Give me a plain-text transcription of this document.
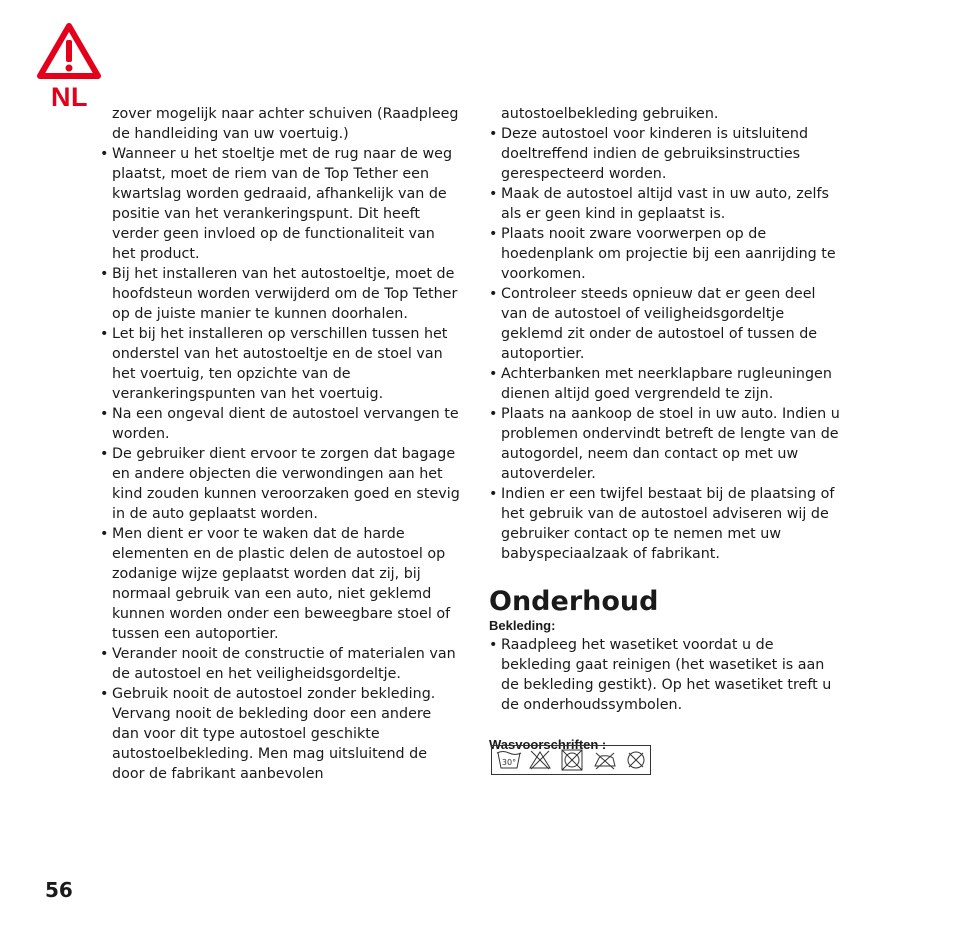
NL

zover mogelijk naar achter schuiven (Raadpleeg de handleiding van uw voertuig.)

• Wanneer u het stoeltje met de rug naar de weg plaatst, moet de riem van de Top Tether een kwartslag worden gedraaid, afhankelijk van de positie van het verankeringspunt. Dit heeft verder geen invloed op de functionaliteit van het product.
• Bij het installeren van het autostoeltje, moet de hoofdsteun worden verwijderd om de Top Tether op de juiste manier te kunnen doorhalen.
• Let bij het installeren op verschillen tussen het onderstel van het autostoeltje en de stoel van het voertuig, ten opzichte van de verankeringspunten van het voertuig.
• Na een ongeval dient de autostoel vervangen te worden.
• De gebruiker dient ervoor te zorgen dat bagage en andere objecten die verwondingen aan het kind zouden kunnen veroorzaken goed en stevig in de auto geplaatst worden.
• Men dient er voor te waken dat de harde elementen en de plastic delen de autostoel op zodanige wijze geplaatst worden dat zij, bij normaal gebruik van een auto, niet geklemd kunnen worden onder een beweegbare stoel of tussen een autoportier.
• Verander nooit de constructie of materialen van de autostoel en het veiligheidsgordeltje.
• Gebruik nooit de autostoel zonder bekleding. Vervang nooit de bekleding door een andere dan voor dit type autostoel geschikte autostoelbekleding. Men mag uitsluitend de door de fabrikant aanbevolen

autostoelbekleding gebruiken.

• Deze autostoel voor kinderen is uitsluitend doeltreffend indien de gebruiksinstructies gerespecteerd worden.
• Maak de autostoel altijd vast in uw auto, zelfs als er geen kind in geplaatst is.
• Plaats nooit zware voorwerpen op de hoedenplank om projectie bij een aanrijding te voorkomen.
• Controleer steeds opnieuw dat er geen deel van de autostoel of veiligheidsgordeltje geklemd zit onder de autostoel of tussen de autoportier.
• Achterbanken met neerklapbare rugleuningen dienen altijd goed vergrendeld te zijn.
• Plaats na aankoop de stoel in uw auto. Indien u problemen ondervindt betreft de lengte van de autogordel, neem dan contact op met uw autoverdeler.
• Indien er een twijfel bestaat bij de plaatsing of het gebruik van de autostoel adviseren wij de gebruiker contact op te nemen met uw babyspeciaalzaak of fabrikant.
Onderhoud
Bekleding:
• Raadpleeg het wasetiket voordat u de bekleding gaat reinigen (het wasetiket is aan de bekleding gestikt). Op het wasetiket treft u de onderhoudssymbolen.
Wasvoorschriften :
30°
56
